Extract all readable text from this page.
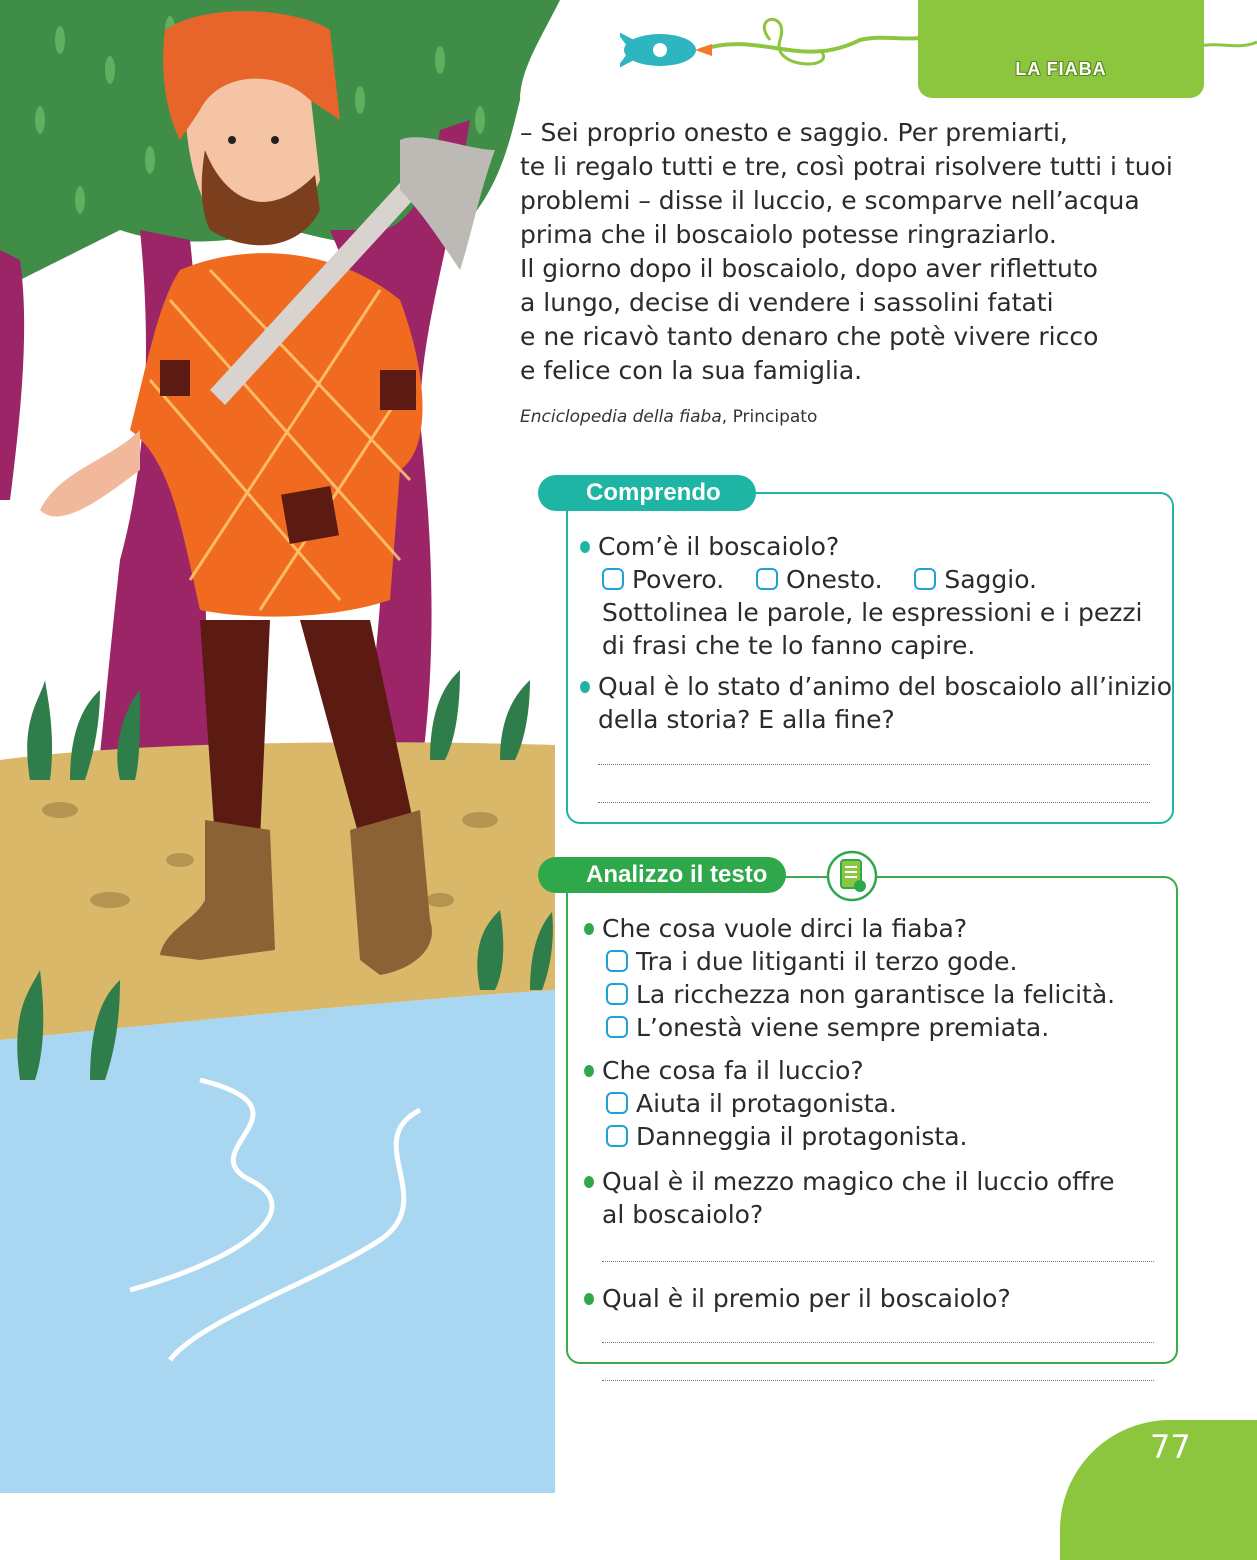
LA FIABA

– Sei proprio onesto e saggio. Per premiarti,

te li regalo tutti e tre, così potrai risolvere tutti i tuoi

problemi – disse il luccio, e scomparve nell’acqua

prima che il boscaiolo potesse ringraziarlo.

Il giorno dopo il boscaiolo, dopo aver riflettuto

a lungo, decise di vendere i sassolini fatati

e ne ricavò tanto denaro che potè vivere ricco

e felice con la sua famiglia.

Enciclopedia della fiaba, Principato
Comprendo
Com’è il boscaiolo?
Povero. Onesto. Saggio.
Sottolinea le parole, le espressioni e i pezzi
di frasi che te lo fanno capire.
Qual è lo stato d’animo del boscaiolo all’inizio
della storia? E alla fine?
Analizzo il testo
Che cosa vuole dirci la fiaba?
Tra i due litiganti il terzo gode.
La ricchezza non garantisce la felicità.
L’onestà viene sempre premiata.
Che cosa fa il luccio?
Aiuta il protagonista.
Danneggia il protagonista.
Qual è il mezzo magico che il luccio offre
al boscaiolo?
Qual è il premio per il boscaiolo?
77
